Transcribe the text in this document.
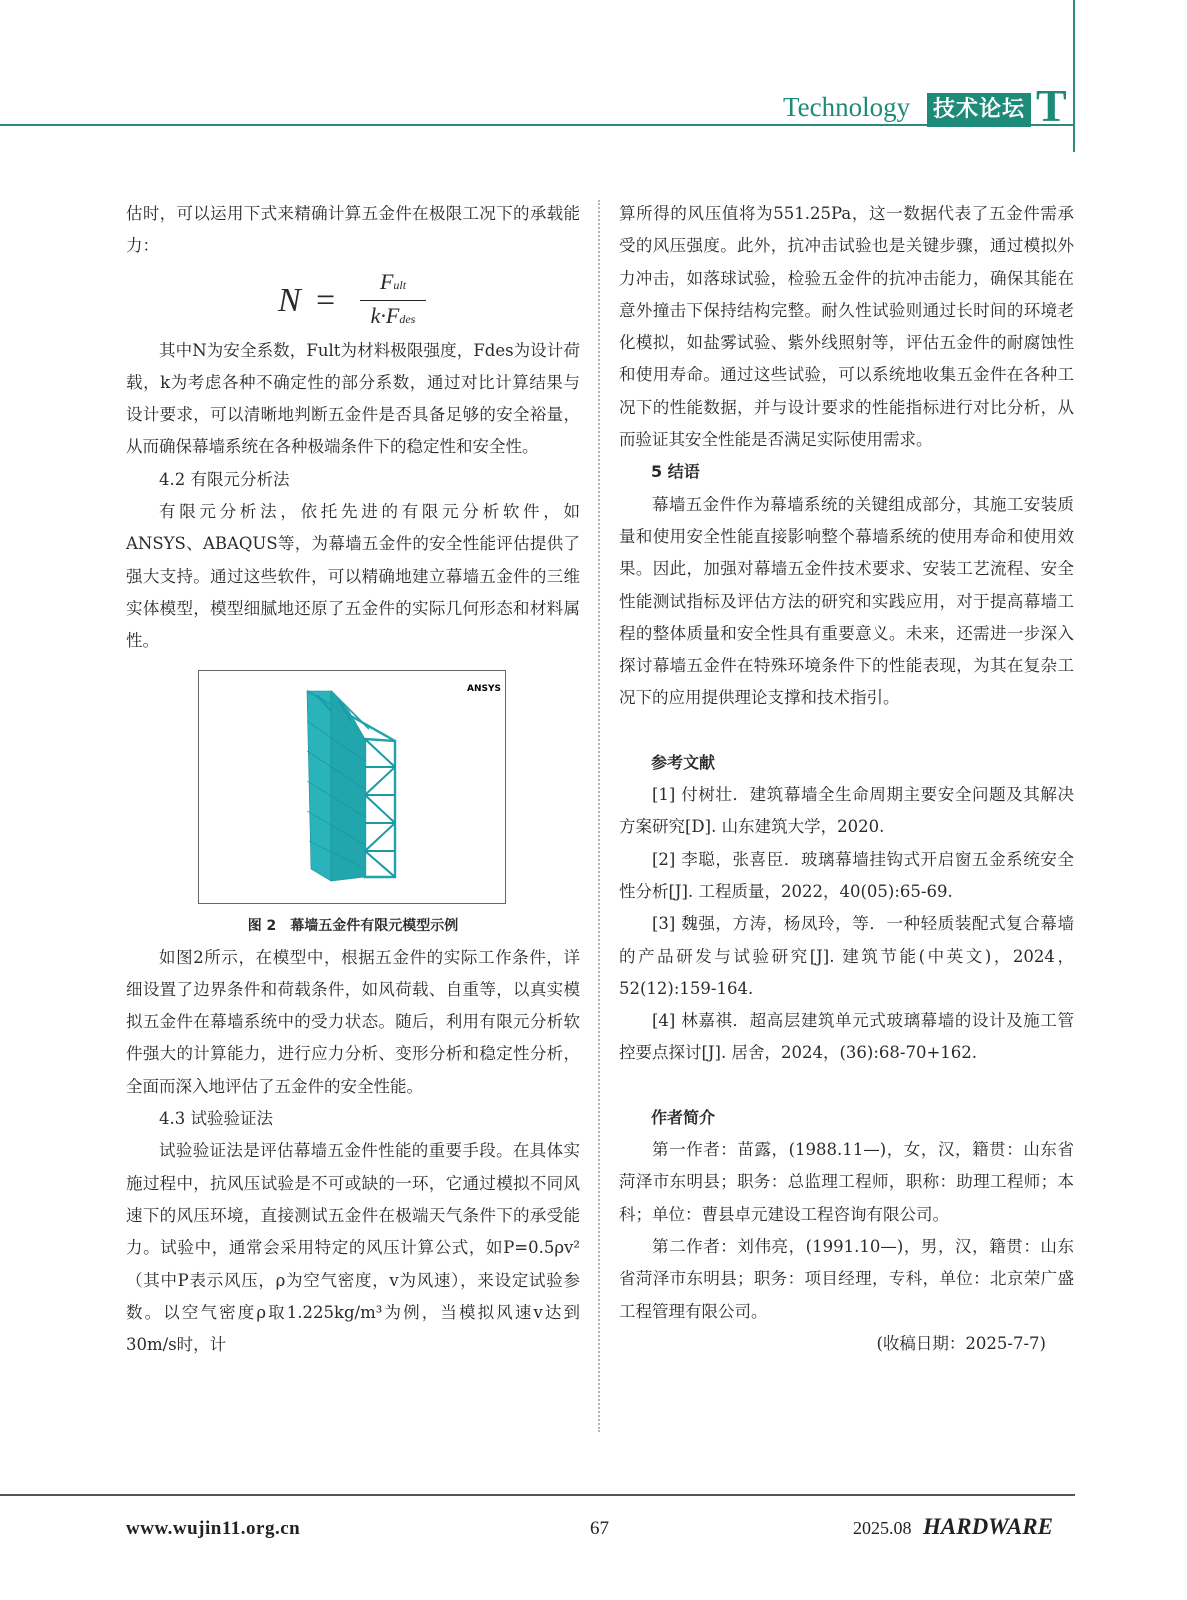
Technology 技术论坛 T

估时，可以运用下式来精确计算五金件在极限工况下的承载能力：

N =
Fult
k·Fdes

其中N为安全系数，Fult为材料极限强度，Fdes为设计荷载，k为考虑各种不确定性的部分系数，通过对比计算结果与设计要求，可以清晰地判断五金件是否具备足够的安全裕量，从而确保幕墙系统在各种极端条件下的稳定性和安全性。

4.2 有限元分析法

有限元分析法，依托先进的有限元分析软件，如ANSYS、ABAQUS等，为幕墙五金件的安全性能评估提供了强大支持。通过这些软件，可以精确地建立幕墙五金件的三维实体模型，模型细腻地还原了五金件的实际几何形态和材料属性。

ANSYS
图 2　幕墙五金件有限元模型示例

如图2所示，在模型中，根据五金件的实际工作条件，详细设置了边界条件和荷载条件，如风荷载、自重等，以真实模拟五金件在幕墙系统中的受力状态。随后，利用有限元分析软件强大的计算能力，进行应力分析、变形分析和稳定性分析，全面而深入地评估了五金件的安全性能。

4.3 试验验证法

试验验证法是评估幕墙五金件性能的重要手段。在具体实施过程中，抗风压试验是不可或缺的一环，它通过模拟不同风速下的风压环境，直接测试五金件在极端天气条件下的承受能力。试验中，通常会采用特定的风压计算公式，如P=0.5ρv²（其中P表示风压，ρ为空气密度，v为风速），来设定试验参数。以空气密度ρ取1.225kg/m³为例，当模拟风速v达到30m/s时，计

算所得的风压值将为551.25Pa，这一数据代表了五金件需承受的风压强度。此外，抗冲击试验也是关键步骤，通过模拟外力冲击，如落球试验，检验五金件的抗冲击能力，确保其能在意外撞击下保持结构完整。耐久性试验则通过长时间的环境老化模拟，如盐雾试验、紫外线照射等，评估五金件的耐腐蚀性和使用寿命。通过这些试验，可以系统地收集五金件在各种工况下的性能数据，并与设计要求的性能指标进行对比分析，从而验证其安全性能是否满足实际使用需求。

5 结语

幕墙五金件作为幕墙系统的关键组成部分，其施工安装质量和使用安全性能直接影响整个幕墙系统的使用寿命和使用效果。因此，加强对幕墙五金件技术要求、安装工艺流程、安全性能测试指标及评估方法的研究和实践应用，对于提高幕墙工程的整体质量和安全性具有重要意义。未来，还需进一步深入探讨幕墙五金件在特殊环境条件下的性能表现，为其在复杂工况下的应用提供理论支撑和技术指引。

参考文献

[1] 付树壮．建筑幕墙全生命周期主要安全问题及其解决方案研究[D]. 山东建筑大学，2020.

[2] 李聪，张喜臣．玻璃幕墙挂钩式开启窗五金系统安全性分析[J]. 工程质量，2022，40(05):65-69.

[3] 魏强，方涛，杨凤玲，等．一种轻质装配式复合幕墙的产品研发与试验研究[J]. 建筑节能(中英文)，2024，52(12):159-164.

[4] 林嘉祺．超高层建筑单元式玻璃幕墙的设计及施工管控要点探讨[J]. 居舍，2024，(36):68-70+162.

作者简介

第一作者：苗露，(1988.11—)，女，汉，籍贯：山东省菏泽市东明县；职务：总监理工程师，职称：助理工程师；本科；单位：曹县卓元建设工程咨询有限公司。

第二作者：刘伟亮，(1991.10—)，男，汉，籍贯：山东省菏泽市东明县；职务：项目经理，专科，单位：北京荣广盛工程管理有限公司。

(收稿日期：2025-7-7)

www.wujin11.org.cn	67	2025.08 HARDWARE
